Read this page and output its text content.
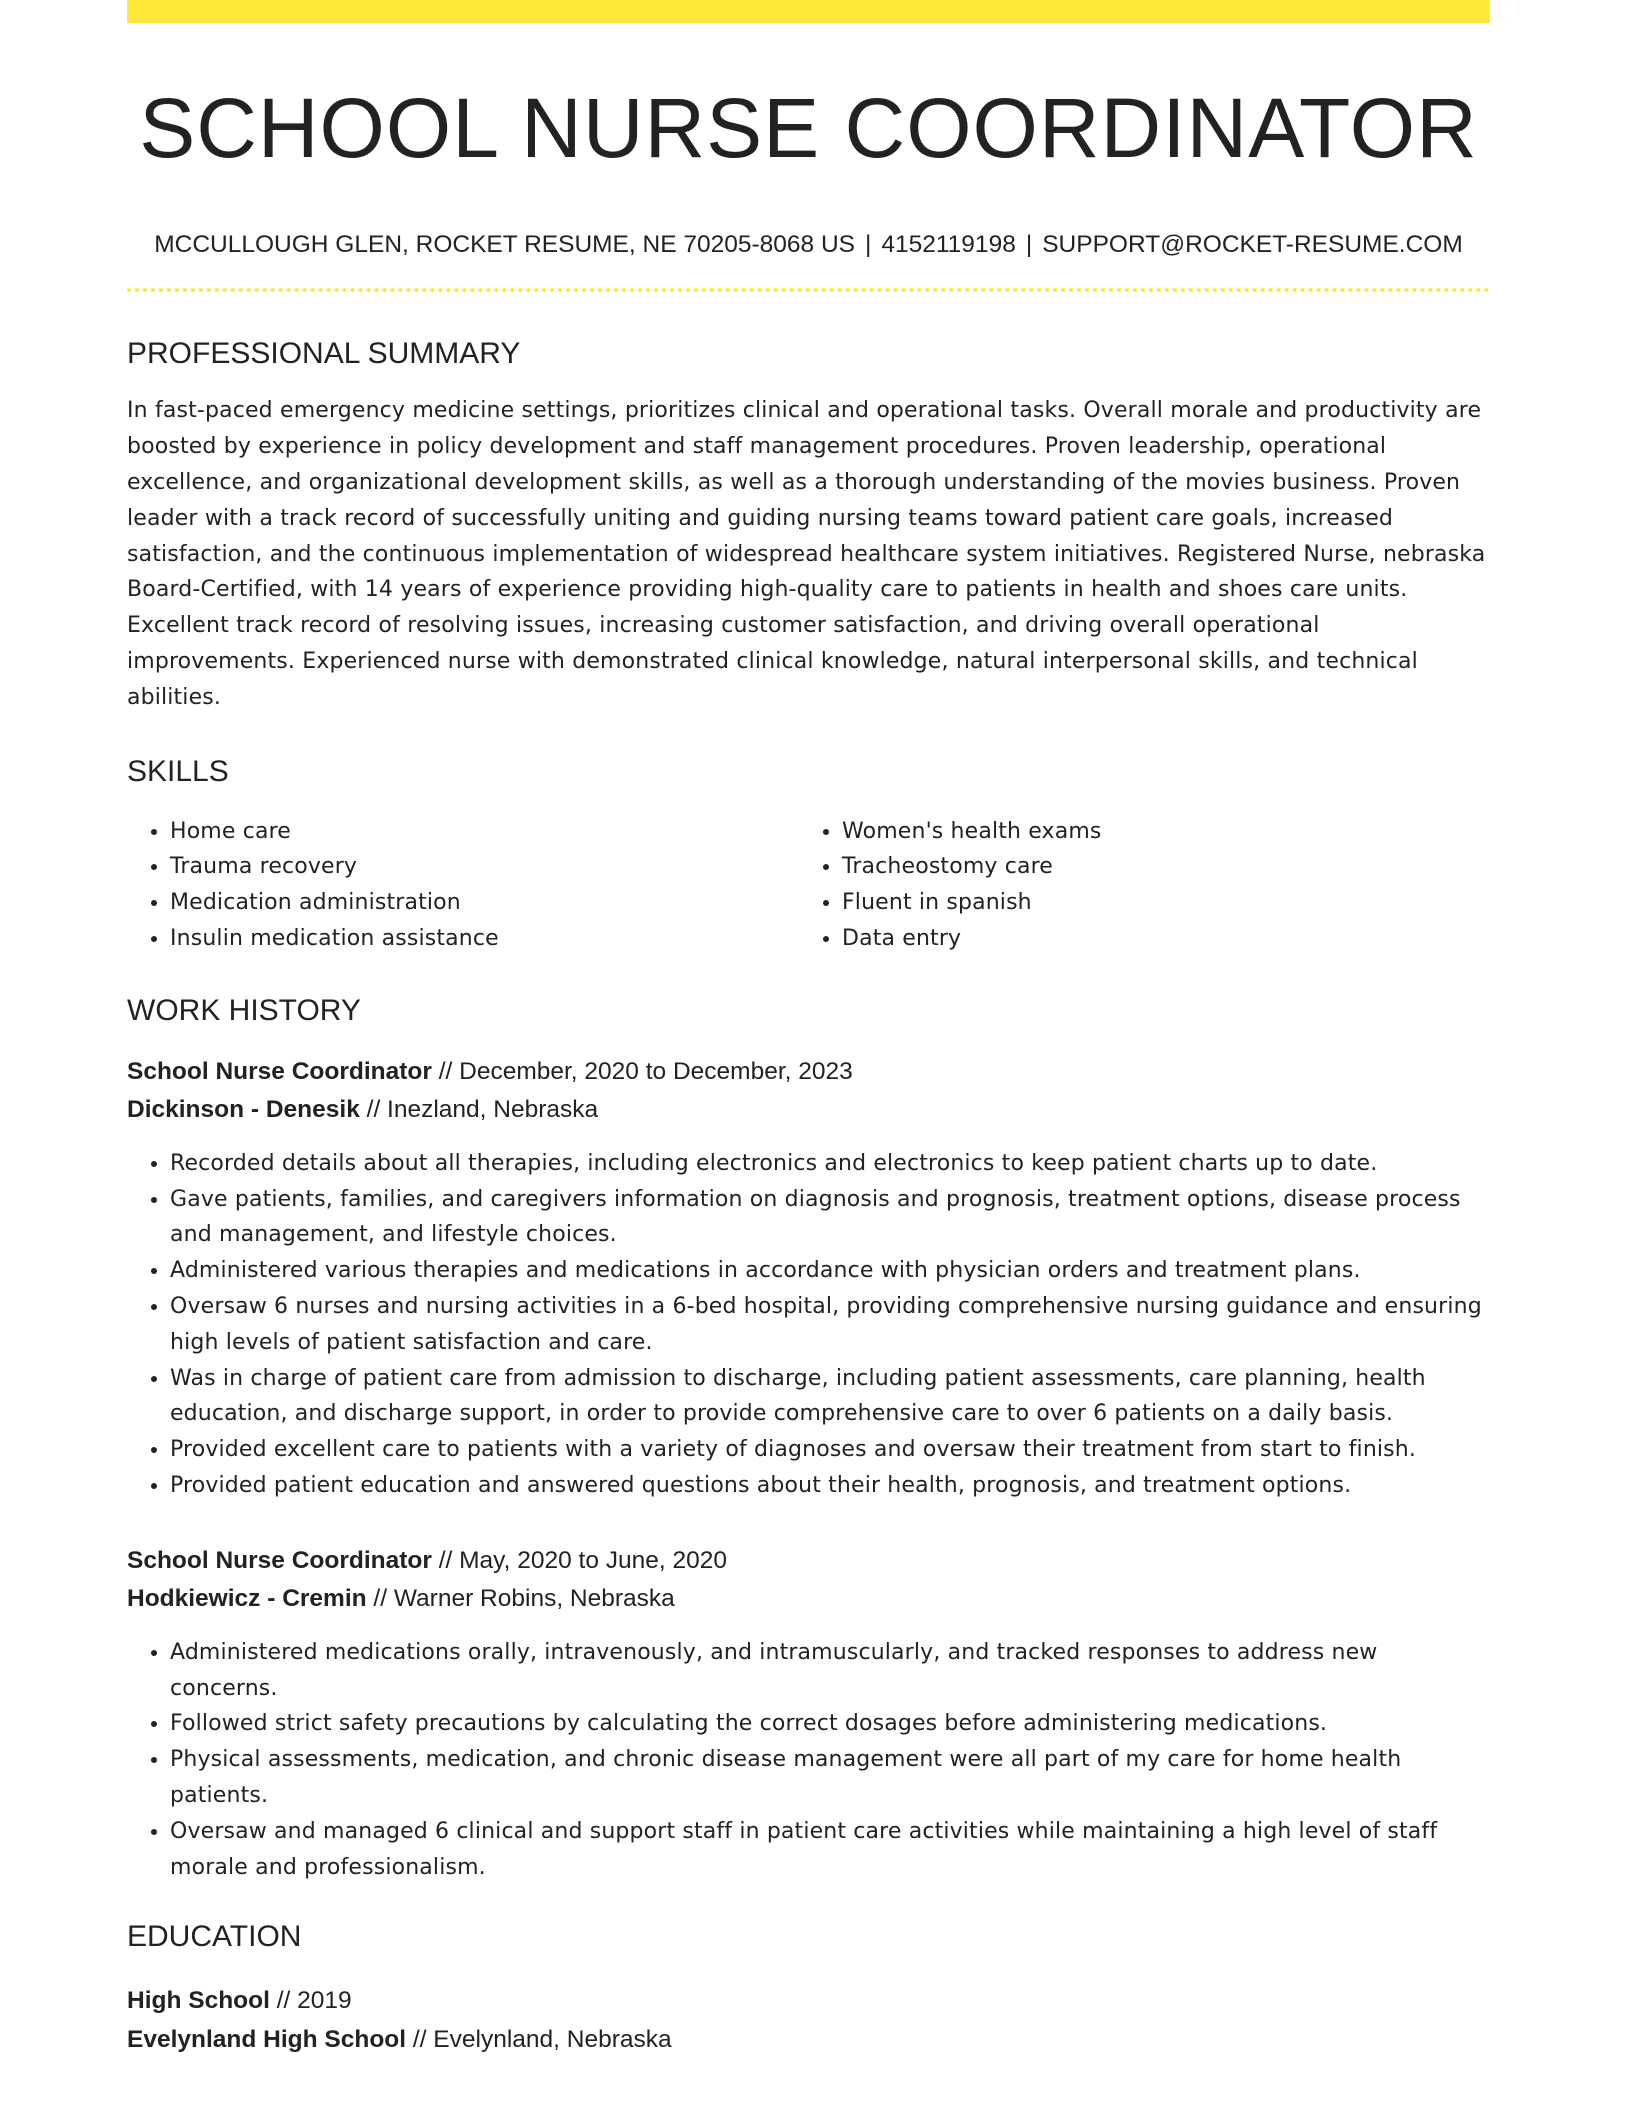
SCHOOL NURSE COORDINATOR
MCCULLOUGH GLEN, ROCKET RESUME, NE 70205-8068 US | 4152119198 | SUPPORT@ROCKET-RESUME.COM
PROFESSIONAL SUMMARY

In fast-paced emergency medicine settings, prioritizes clinical and operational tasks. Overall morale and productivity are boosted by experience in policy development and staff management procedures. Proven leadership, operational excellence, and organizational development skills, as well as a thorough understanding of the movies business. Proven leader with a track record of successfully uniting and guiding nursing teams toward patient care goals, increased satisfaction, and the continuous implementation of widespread healthcare system initiatives. Registered Nurse, nebraska Board-Certified, with 14 years of experience providing high-quality care to patients in health and shoes care units. Excellent track record of resolving issues, increasing customer satisfaction, and driving overall operational improvements. Experienced nurse with demonstrated clinical knowledge, natural interpersonal skills, and technical abilities.

SKILLS
• Home care
• Trauma recovery
• Medication administration
• Insulin medication assistance
• Women's health exams
• Tracheostomy care
• Fluent in spanish
• Data entry
WORK HISTORY
School Nurse Coordinator // December, 2020 to December, 2023
Dickinson - Denesik // Inezland, Nebraska
• Recorded details about all therapies, including electronics and electronics to keep patient charts up to date.
• Gave patients, families, and caregivers information on diagnosis and prognosis, treatment options, disease process and management, and lifestyle choices.
• Administered various therapies and medications in accordance with physician orders and treatment plans.
• Oversaw 6 nurses and nursing activities in a 6-bed hospital, providing comprehensive nursing guidance and ensuring high levels of patient satisfaction and care.
• Was in charge of patient care from admission to discharge, including patient assessments, care planning, health education, and discharge support, in order to provide comprehensive care to over 6 patients on a daily basis.
• Provided excellent care to patients with a variety of diagnoses and oversaw their treatment from start to finish.
• Provided patient education and answered questions about their health, prognosis, and treatment options.
School Nurse Coordinator // May, 2020 to June, 2020
Hodkiewicz - Cremin // Warner Robins, Nebraska
• Administered medications orally, intravenously, and intramuscularly, and tracked responses to address new concerns.
• Followed strict safety precautions by calculating the correct dosages before administering medications.
• Physical assessments, medication, and chronic disease management were all part of my care for home health patients.
• Oversaw and managed 6 clinical and support staff in patient care activities while maintaining a high level of staff morale and professionalism.
EDUCATION
High School // 2019
Evelynland High School // Evelynland, Nebraska
